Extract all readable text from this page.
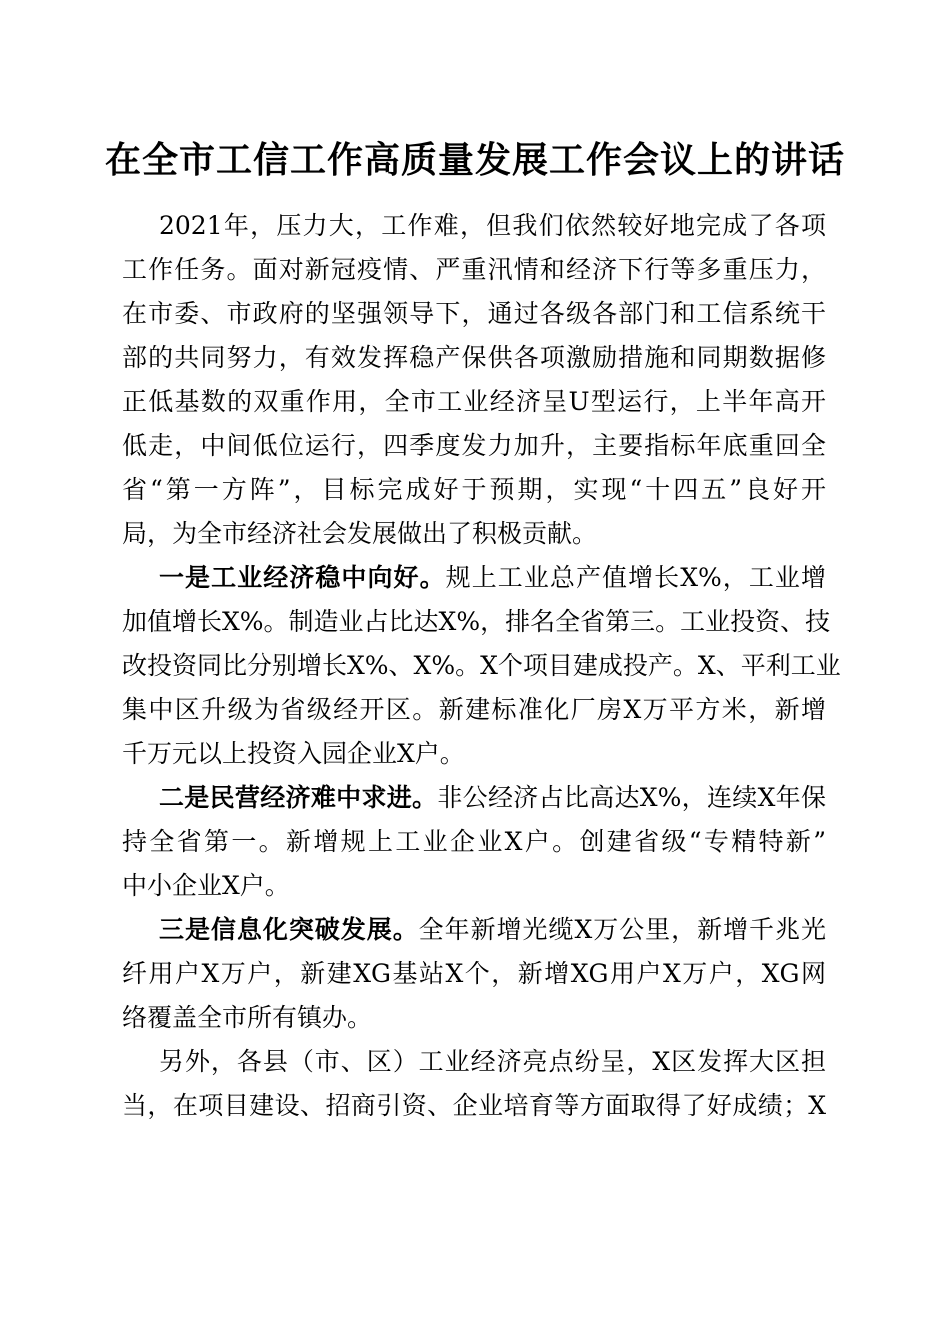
在全市工信工作高质量发展工作会议上的讲话
2021年，压力大，工作难，但我们依然较好地完成了各项
工作任务。面对新冠疫情、严重汛情和经济下行等多重压力，
在市委、市政府的坚强领导下，通过各级各部门和工信系统干
部的共同努力，有效发挥稳产保供各项激励措施和同期数据修
正低基数的双重作用，全市工业经济呈U型运行，上半年高开
低走，中间低位运行，四季度发力加升，主要指标年底重回全
省“第一方阵”，目标完成好于预期，实现“十四五”良好开
局，为全市经济社会发展做出了积极贡献。
一是工业经济稳中向好。规上工业总产值增长X%，工业增
加值增长X%。制造业占比达X%，排名全省第三。工业投资、技
改投资同比分别增长X%、X%。X个项目建成投产。X、平利工业
集中区升级为省级经开区。新建标准化厂房X万平方米，新增
千万元以上投资入园企业X户。
二是民营经济难中求进。非公经济占比高达X%，连续X年保
持全省第一。新增规上工业企业X户。创建省级“专精特新”
中小企业X户。
三是信息化突破发展。全年新增光缆X万公里，新增千兆光
纤用户X万户，新建XG基站X个，新增XG用户X万户，XG网
络覆盖全市所有镇办。
另外，各县（市、区）工业经济亮点纷呈，X区发挥大区担
当，在项目建设、招商引资、企业培育等方面取得了好成绩；X
